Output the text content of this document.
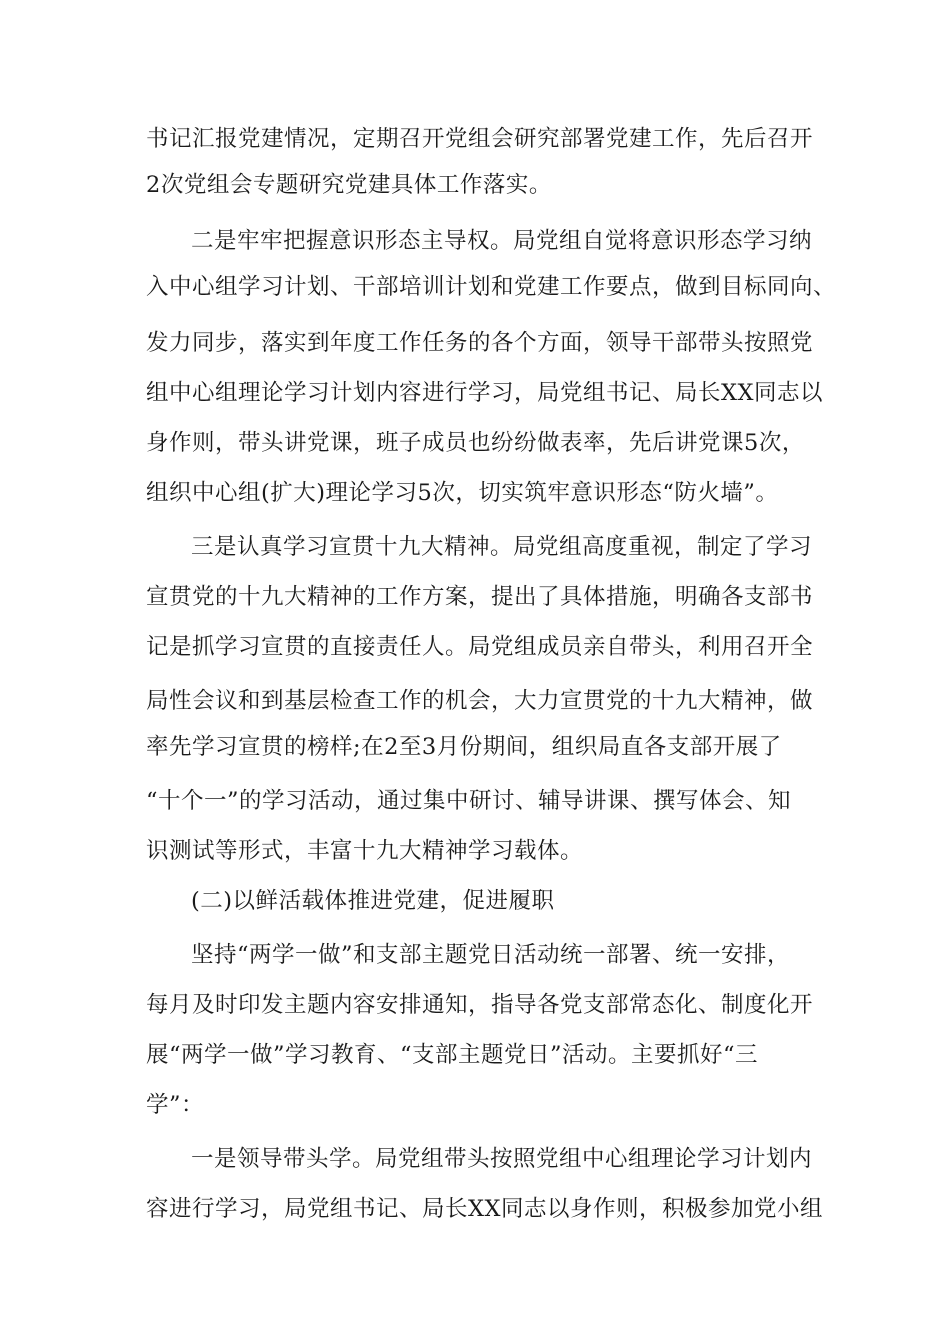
书记汇报党建情况，定期召开党组会研究部署党建工作，先后召开
2次党组会专题研究党建具体工作落实。
二是牢牢把握意识形态主导权。局党组自觉将意识形态学习纳
入中心组学习计划、干部培训计划和党建工作要点，做到目标同向、
发力同步，落实到年度工作任务的各个方面，领导干部带头按照党
组中心组理论学习计划内容进行学习，局党组书记、局长XX同志以
身作则，带头讲党课，班子成员也纷纷做表率，先后讲党课5次，
组织中心组(扩大)理论学习5次，切实筑牢意识形态“防火墙”。
三是认真学习宣贯十九大精神。局党组高度重视，制定了学习
宣贯党的十九大精神的工作方案，提出了具体措施，明确各支部书
记是抓学习宣贯的直接责任人。局党组成员亲自带头，利用召开全
局性会议和到基层检查工作的机会，大力宣贯党的十九大精神，做
率先学习宣贯的榜样;在2至3月份期间，组织局直各支部开展了
“十个一”的学习活动，通过集中研讨、辅导讲课、撰写体会、知
识测试等形式，丰富十九大精神学习载体。
(二)以鲜活载体推进党建，促进履职
坚持“两学一做”和支部主题党日活动统一部署、统一安排，
每月及时印发主题内容安排通知，指导各党支部常态化、制度化开
展“两学一做”学习教育、“支部主题党日”活动。主要抓好“三
学”：
一是领导带头学。局党组带头按照党组中心组理论学习计划内
容进行学习，局党组书记、局长XX同志以身作则，积极参加党小组
